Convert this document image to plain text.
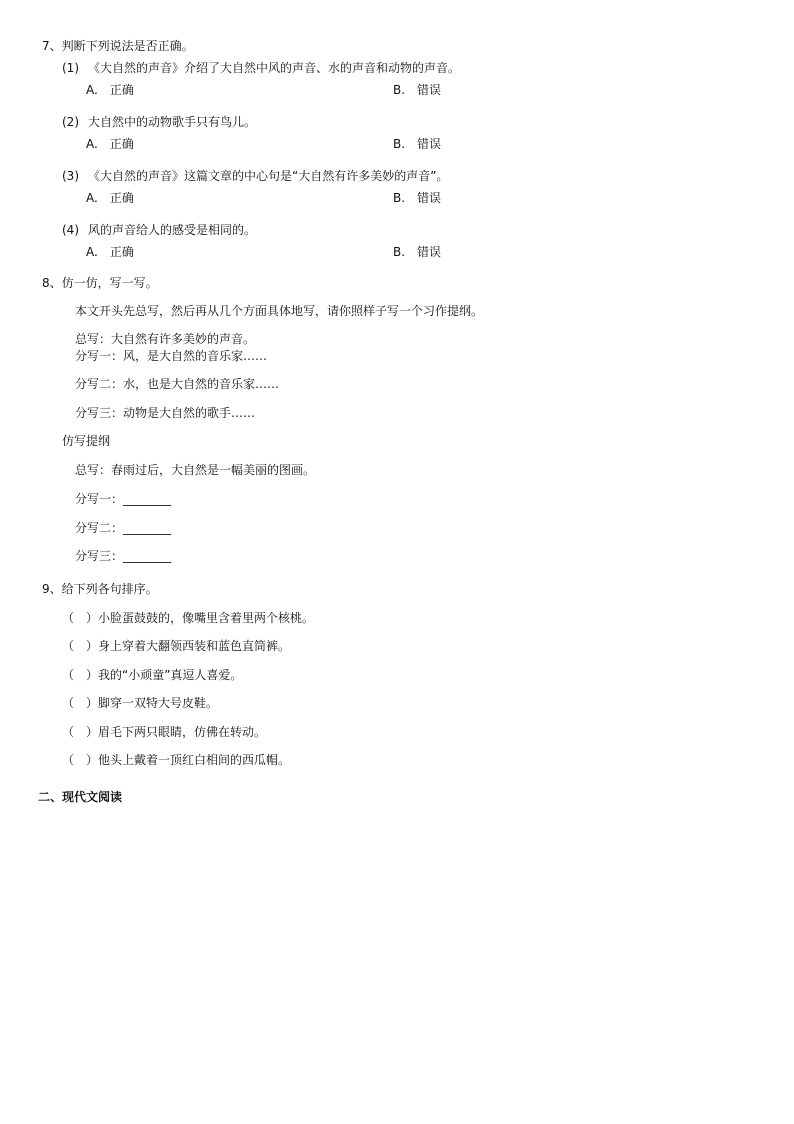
7、判断下列说法是否正确。
(1) 《大自然的声音》介绍了大自然中风的声音、水的声音和动物的声音。
A.　正确	B.　错误
(2) 大自然中的动物歌手只有鸟儿。
A.　正确	B.　错误
(3) 《大自然的声音》这篇文章的中心句是“大自然有许多美妙的声音”。
A.　正确	B.　错误
(4) 风的声音给人的感受是相同的。
A.　正确	B.　错误
8、仿一仿，写一写。
本文开头先总写，然后再从几个方面具体地写，请你照样子写一个习作提纲。
总写：大自然有许多美妙的声音。
分写一：风，是大自然的音乐家……
分写二：水，也是大自然的音乐家……
分写三：动物是大自然的歌手……
仿写提纲
总写：春雨过后，大自然是一幅美丽的图画。
分写一：________
分写二：________
分写三：________
9、给下列各句排序。
（　）小脸蛋鼓鼓的，像嘴里含着里两个核桃。
（　）身上穿着大翻领西装和蓝色直筒裤。
（　）我的“小顽童”真逗人喜爱。
（　）脚穿一双特大号皮鞋。
（　）眉毛下两只眼睛，仿佛在转动。
（　）他头上戴着一顶红白相间的西瓜帽。
二、现代文阅读
